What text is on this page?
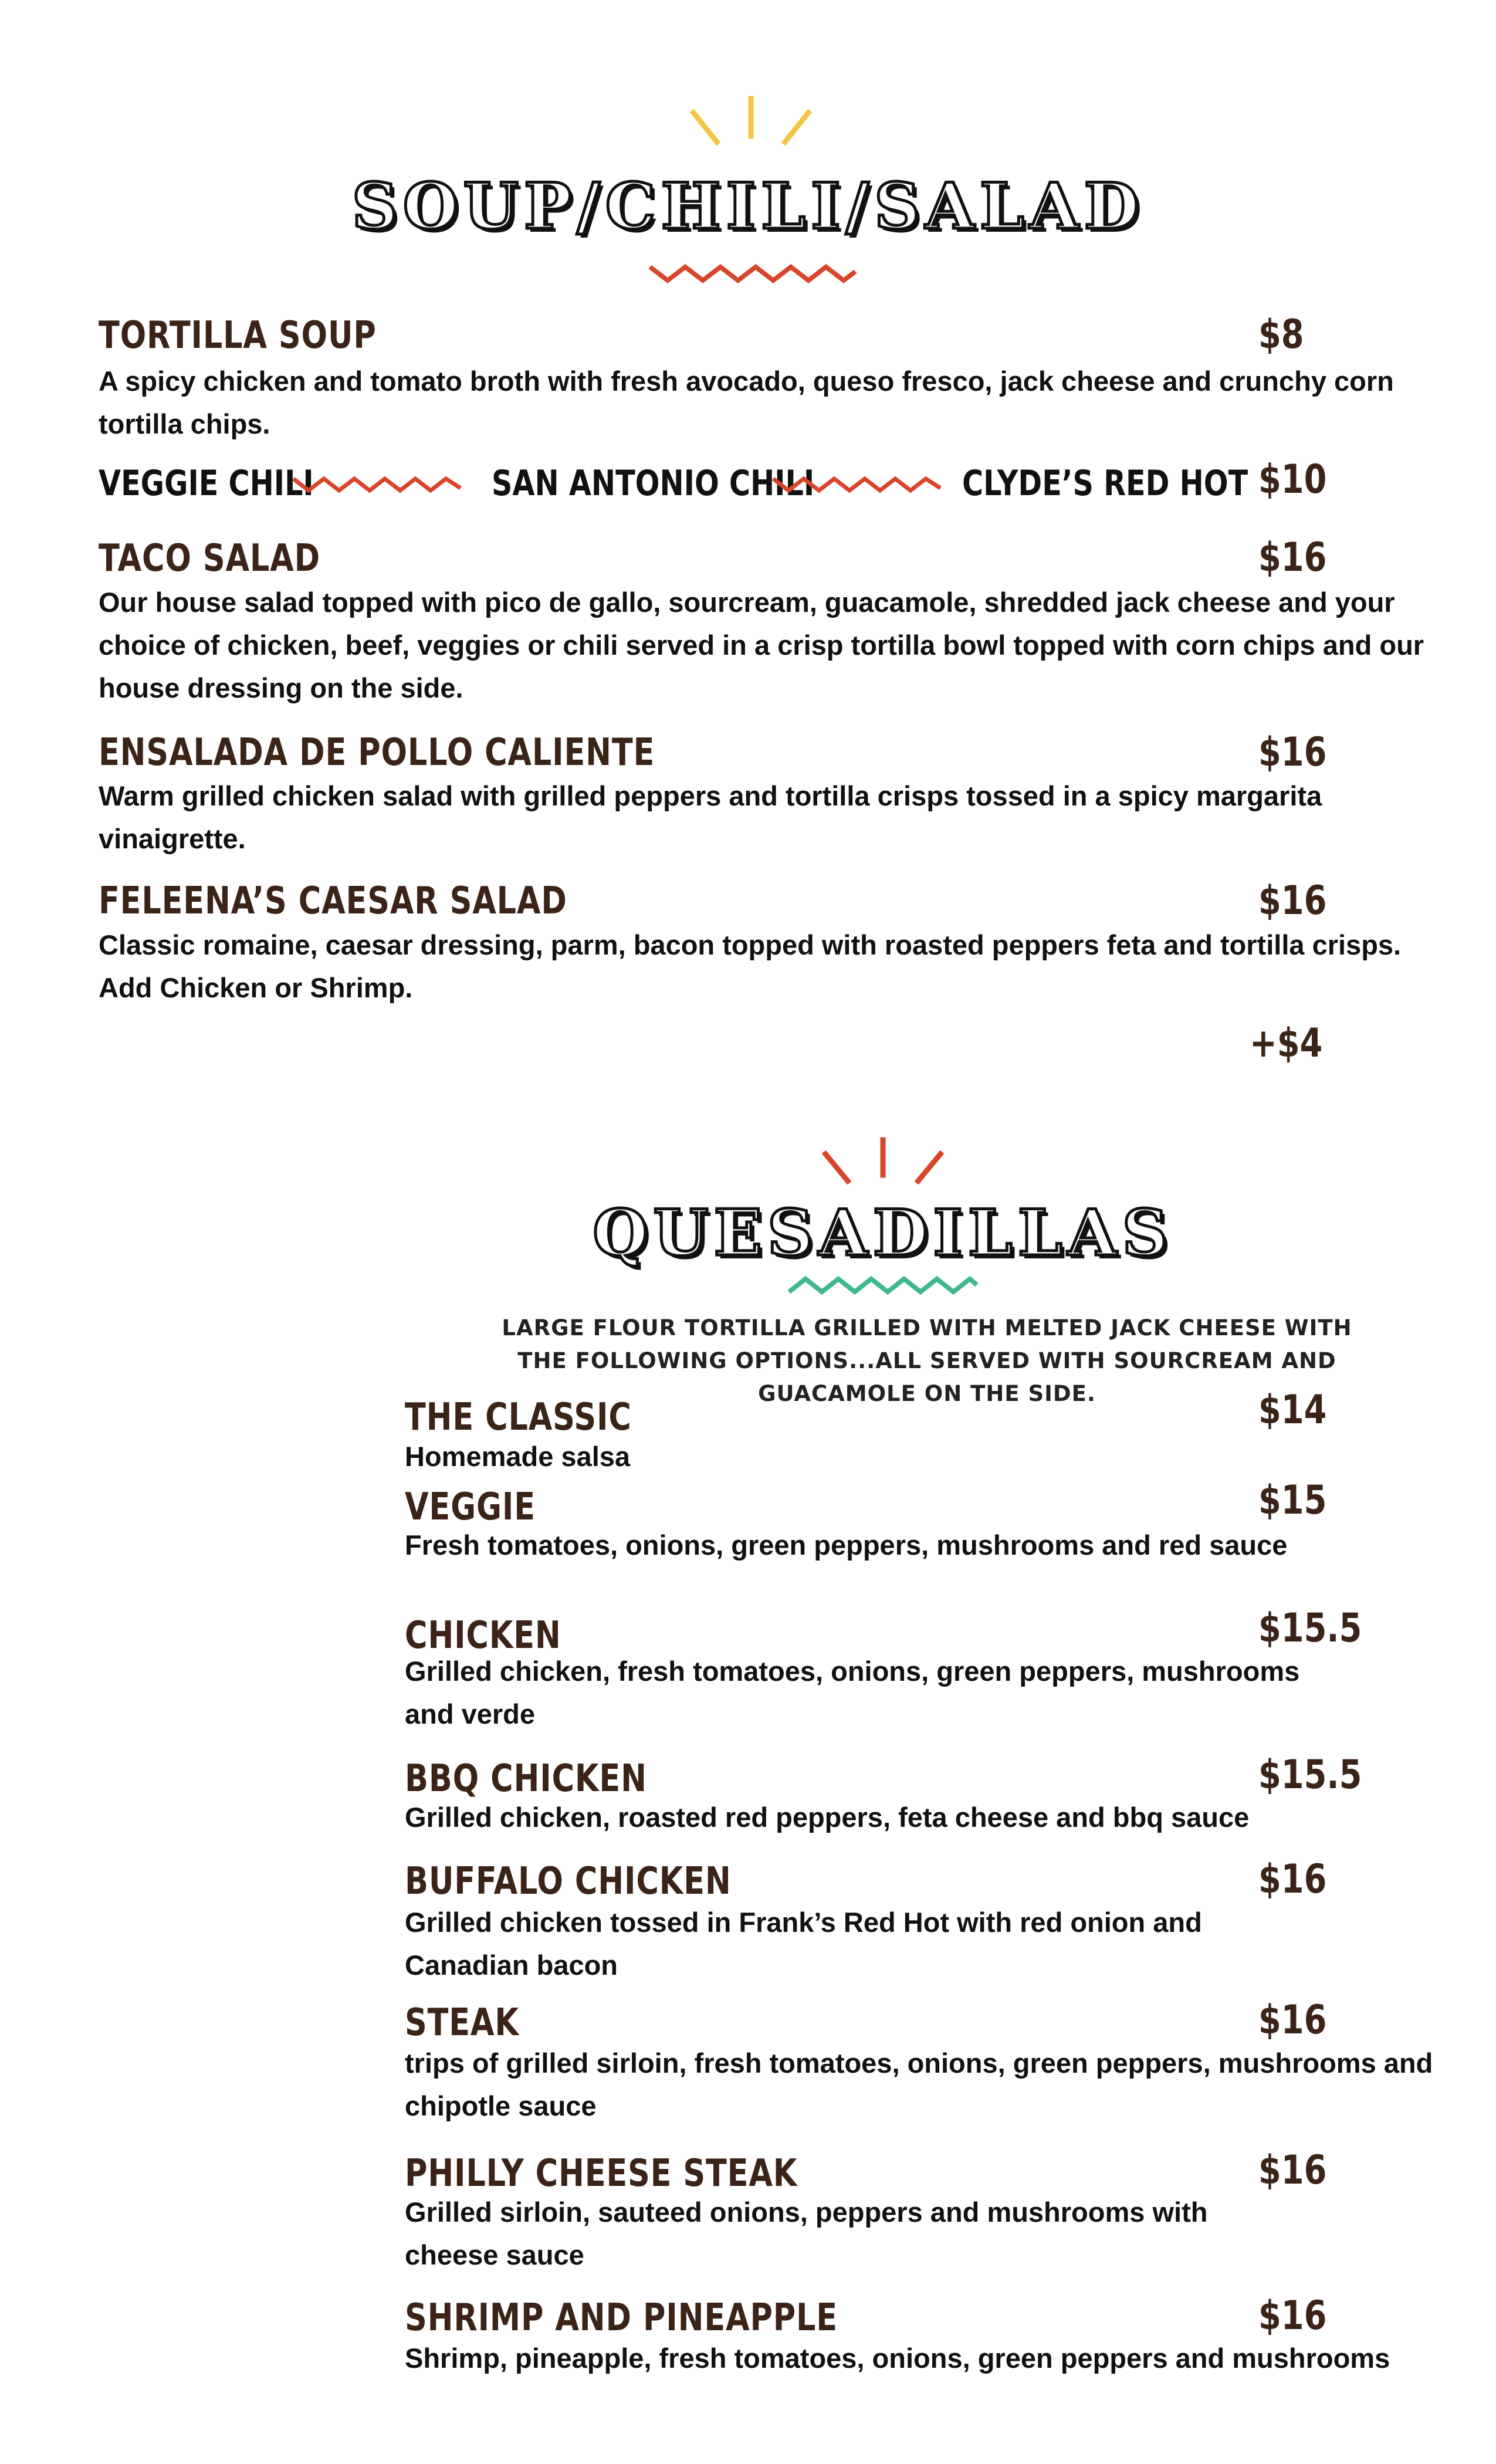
SOUP/CHILI/SALAD
TORTILLA SOUP	$8
A spicy chicken and tomato broth with fresh avocado, queso fresco, jack cheese and crunchy corn tortilla chips.
VEGGIE CHILI	SAN ANTONIO CHILI	CLYDE’S RED HOT $10
TACO SALAD	$16
Our house salad topped with pico de gallo, sourcream, guacamole, shredded jack cheese and your choice of chicken, beef, veggies or chili served in a crisp tortilla bowl topped with corn chips and our house dressing on the side.
ENSALADA DE POLLO CALIENTE	$16
Warm grilled chicken salad with grilled peppers and tortilla crisps tossed in a spicy margarita vinaigrette.
FELEENA’S CAESAR SALAD	$16
Classic romaine, caesar dressing, parm, bacon topped with roasted peppers feta and tortilla crisps. Add Chicken or Shrimp.
+$4
QUESADILLAS
LARGE FLOUR TORTILLA GRILLED WITH MELTED JACK CHEESE WITH THE FOLLOWING OPTIONS...ALL SERVED WITH SOURCREAM AND GUACAMOLE ON THE SIDE.
THE CLASSIC	$14
Homemade salsa
VEGGIE	$15
Fresh tomatoes, onions, green peppers, mushrooms and red sauce
CHICKEN	$15.5
Grilled chicken, fresh tomatoes, onions, green peppers, mushrooms and verde
BBQ CHICKEN	$15.5
Grilled chicken, roasted red peppers, feta cheese and bbq sauce
BUFFALO CHICKEN	$16
Grilled chicken tossed in Frank’s Red Hot with red onion and Canadian bacon
STEAK	$16
trips of grilled sirloin, fresh tomatoes, onions, green peppers, mushrooms and chipotle sauce
PHILLY CHEESE STEAK	$16
Grilled sirloin, sauteed onions, peppers and mushrooms with cheese sauce
SHRIMP AND PINEAPPLE	$16
Shrimp, pineapple, fresh tomatoes, onions, green peppers and mushrooms
